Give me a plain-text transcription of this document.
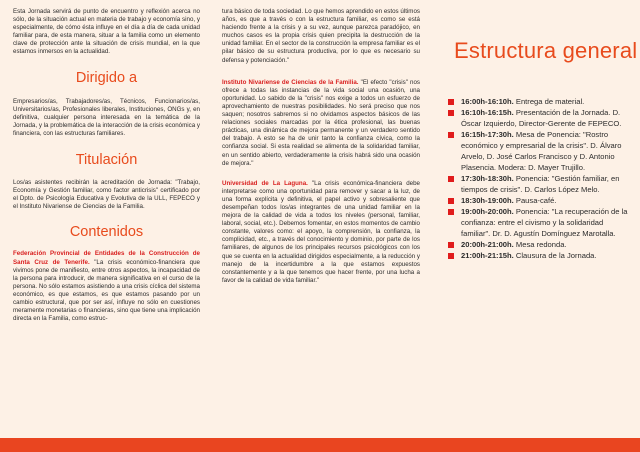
Esta Jornada servirá de punto de encuentro y reflexión acerca no sólo, de la situación actual en materia de trabajo y economía sino, y especialmente, de cómo ésta influye en el día a día de cada unidad familiar para, de esta manera, situar a la familia como un elemento clave de protección ante la situación de crisis mundial, en la que estamos inmersos en la actualidad.

Dirigido a

Empresarios/as, Trabajadores/as, Técnicos, Funcionarios/as, Universitarios/as, Profesionales liberales, Instituciones, ONGs y, en definitiva, cualquier persona interesada en la temática de la Jornada, y la problemática de la interacción de la crisis económica y financiera, con las estructuras familiares.

Titulación

Los/as asistentes recibirán la acreditación de Jornada: "Trabajo, Economía y Gestión familiar, como factor anticrisis" certificado por el Dpto. de Psicología Educativa y Evolutiva de la ULL, FEPECO y el Instituto Nivariense de Ciencias de la Familia.

Contenidos

Federación Provincial de Entidades de la Construcción de Santa Cruz de Tenerife. "La crisis económico-financiera que vivimos pone de manifiesto, entre otros aspectos, la incapacidad de la persona para introducir, de manera significativa en el curso de la persona. No sólo estamos asistiendo a una crisis cíclica del sistema económico, es que estamos, es que estamos pasando por un cambio estructural, que por ser así, influye no sólo en cuestiones meramente monetarias o financieras, sino que tiene una implicación directa en la Familia, como estruc-

tura básico de toda sociedad. Lo que hemos aprendido en estos últimos años, es que a través o con la estructura familiar, es como se está haciendo frente a la crisis y a su vez, aunque parezca paradójico, en muchos casos es la propia crisis quien precipita la destrucción de la unidad familiar. En el sector de la construcción la empresa familiar es el pilar básico de su estructura productiva, por lo que es necesario su defensa y potenciación."

Instituto Nivariense de Ciencias de la Familia. "El efecto "crisis" nos ofrece a todas las instancias de la vida social una ocasión, una oportunidad. Lo sabido de la "crisis" nos exige a todos un esfuerzo de aprovechamiento de nuestras posibilidades. No será preciso que nos saquen; nosotros sabremos si no olvidamos aspectos básicos de las relaciones sociales marcadas por la ética profesional, las buenas prácticas, una dinámica de mejora permanente y un verdadero sentido del trabajo. A esto se ha de unir tanto la confianza cívica, como la confianza social. Si esta realidad se alimenta de la solidaridad familiar, en un sentido abierto, verdaderamente la crisis habrá sido una ocasión de mejora."

Universidad de La Laguna. "La crisis económica-financiera debe interpretarse como una oportunidad para remover y sacar a la luz, de una forma explícita y definitiva, el papel activo y sobresaliente que desempeñan todos los/as integrantes de una unidad familiar en la mejora de la calidad de vida a todos los niveles (personal, familiar, laboral, social, etc.). Debemos fomentar, en estos momentos de cambio constante, valores como: el apoyo, la comprensión, la confianza, la complicidad, etc., a través del conocimiento y dominio, por parte de los familiares, de algunos de los principales recursos psicológicos con los que se cuenta en la actualidad dirigidos especialmente, a la reducción y manejo de la incertidumbre a la que estamos expuestos constantemente y a la que tenemos que hacer frente, por una lucha a favor de la calidad de vida familiar."

Estructura general
16:00h-16:10h. Entrega de material.
16:10h-16:15h. Presentación de la Jornada. D. Óscar Izquierdo, Director-Gerente de FEPECO.
16:15h-17:30h. Mesa de Ponencia: "Rostro económico y empresarial de la crisis". D. Álvaro Arvelo, D. José Carlos Francisco y D. Antonio Plasencia. Modera: D. Mayer Trujillo.
17:30h-18:30h. Ponencia: "Gestión familiar, en tiempos de crisis". D. Carlos López Melo.
18:30h-19:00h. Pausa-café.
19:00h-20:00h. Ponencia: "La recuperación de la confianza: entre el civismo y la solidaridad familiar". Dr. D. Agustín Domínguez Marotalla.
20:00h-21:00h. Mesa redonda.
21:00h-21:15h. Clausura de la Jornada.
